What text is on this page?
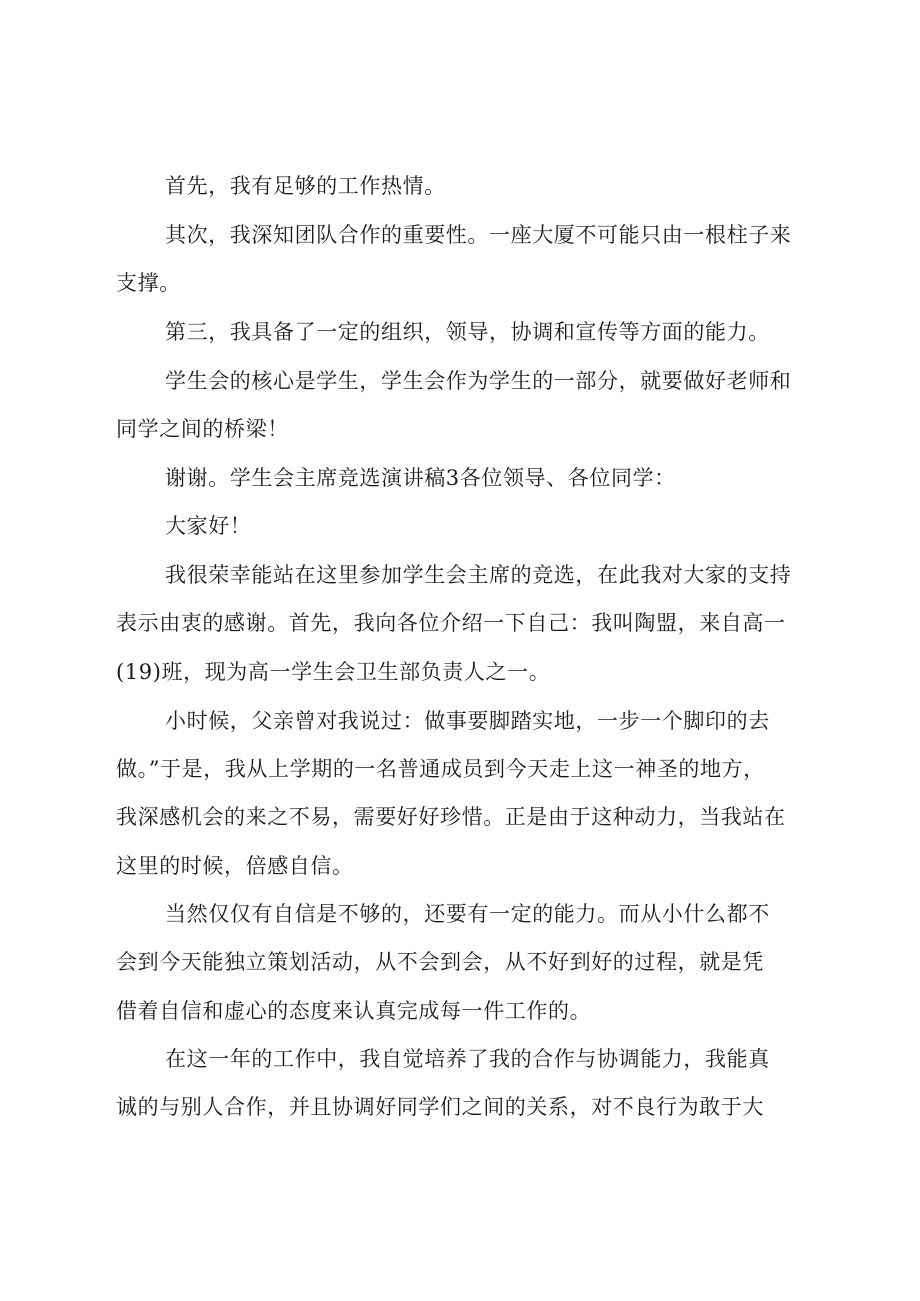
首先，我有足够的工作热情。
其次，我深知团队合作的重要性。一座大厦不可能只由一根柱子来
支撑。
第三，我具备了一定的组织，领导，协调和宣传等方面的能力。
学生会的核心是学生，学生会作为学生的一部分，就要做好老师和
同学之间的桥梁！
谢谢。学生会主席竞选演讲稿3各位领导、各位同学：
大家好！
我很荣幸能站在这里参加学生会主席的竞选，在此我对大家的支持
表示由衷的感谢。首先，我向各位介绍一下自己：我叫陶盟，来自高一
(19)班，现为高一学生会卫生部负责人之一。
小时候，父亲曾对我说过：做事要脚踏实地，一步一个脚印的去
做。”于是，我从上学期的一名普通成员到今天走上这一神圣的地方，
我深感机会的来之不易，需要好好珍惜。正是由于这种动力，当我站在
这里的时候，倍感自信。
当然仅仅有自信是不够的，还要有一定的能力。而从小什么都不
会到今天能独立策划活动，从不会到会，从不好到好的过程，就是凭
借着自信和虚心的态度来认真完成每一件工作的。
在这一年的工作中，我自觉培养了我的合作与协调能力，我能真
诚的与别人合作，并且协调好同学们之间的关系，对不良行为敢于大
